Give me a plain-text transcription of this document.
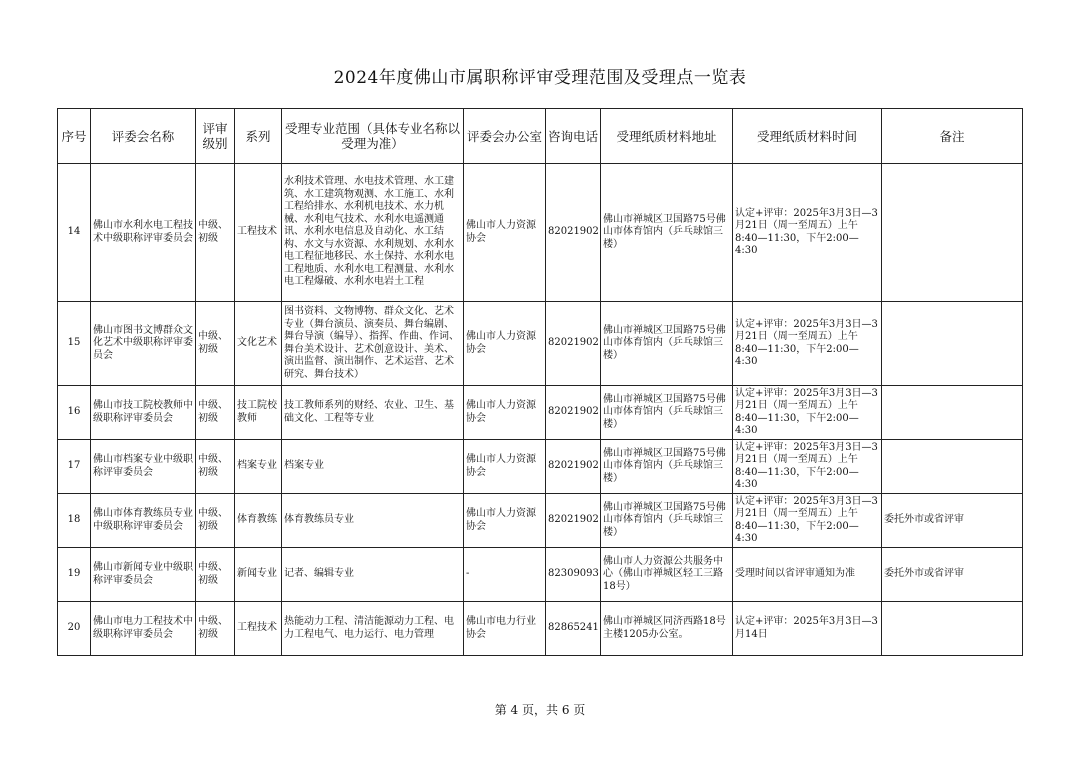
2024年度佛山市属职称评审受理范围及受理点一览表
序号	评委会名称	评审级别	系列	受理专业范围（具体专业名称以受理为准）	评委会办公室	咨询电话	受理纸质材料地址	受理纸质材料时间	备注
14	佛山市水利水电工程技术中级职称评审委员会	中级、初级	工程技术	水利技术管理、水电技术管理、水工建筑、水工建筑物观测、水工施工、水利工程给排水、水利机电技术、水力机械、水利电气技术、水利水电遥测通讯、水利水电信息及自动化、水工结构、水文与水资源、水利规划、水利水电工程征地移民、水土保持、水利水电工程地质、水利水电工程测量、水利水电工程爆破、水利水电岩土工程	佛山市人力资源协会	82021902	佛山市禅城区卫国路75号佛山市体育馆内（乒乓球馆三楼）	认定+评审：2025年3月3日—3月21日（周一至周五）上午8:40—11:30，下午2:00—4:30	
15	佛山市图书文博群众文化艺术中级职称评审委员会	中级、初级	文化艺术	图书资料、文物博物、群众文化、艺术专业（舞台演员、演奏员、舞台编剧、舞台导演（编导）、指挥、作曲、作词、舞台美术设计、艺术创意设计、美术、演出监督、演出制作、艺术运营、艺术研究、舞台技术）	佛山市人力资源协会	82021902	佛山市禅城区卫国路75号佛山市体育馆内（乒乓球馆三楼）	认定+评审：2025年3月3日—3月21日（周一至周五）上午8:40—11:30，下午2:00—4:30	
16	佛山市技工院校教师中级职称评审委员会	中级、初级	技工院校教师	技工教师系列的财经、农业、卫生、基础文化、工程等专业	佛山市人力资源协会	82021902	佛山市禅城区卫国路75号佛山市体育馆内（乒乓球馆三楼）	认定+评审：2025年3月3日—3月21日（周一至周五）上午8:40—11:30，下午2:00—4:30	
17	佛山市档案专业中级职称评审委员会	中级、初级	档案专业	档案专业	佛山市人力资源协会	82021902	佛山市禅城区卫国路75号佛山市体育馆内（乒乓球馆三楼）	认定+评审：2025年3月3日—3月21日（周一至周五）上午8:40—11:30，下午2:00—4:30	
18	佛山市体育教练员专业中级职称评审委员会	中级、初级	体育教练	体育教练员专业	佛山市人力资源协会	82021902	佛山市禅城区卫国路75号佛山市体育馆内（乒乓球馆三楼）	认定+评审：2025年3月3日—3月21日（周一至周五）上午8:40—11:30，下午2:00—4:30	委托外市或省评审
19	佛山市新闻专业中级职称评审委员会	中级、初级	新闻专业	记者、编辑专业	-	82309093	佛山市人力资源公共服务中心（佛山市禅城区轻工三路18号）	受理时间以省评审通知为准	委托外市或省评审
20	佛山市电力工程技术中级职称评审委员会	中级、初级	工程技术	热能动力工程、清洁能源动力工程、电力工程电气、电力运行、电力管理	佛山市电力行业协会	82865241	佛山市禅城区同济西路18号主楼1205办公室。	认定+评审：2025年3月3日—3月14日	
第 4 页，共 6 页
